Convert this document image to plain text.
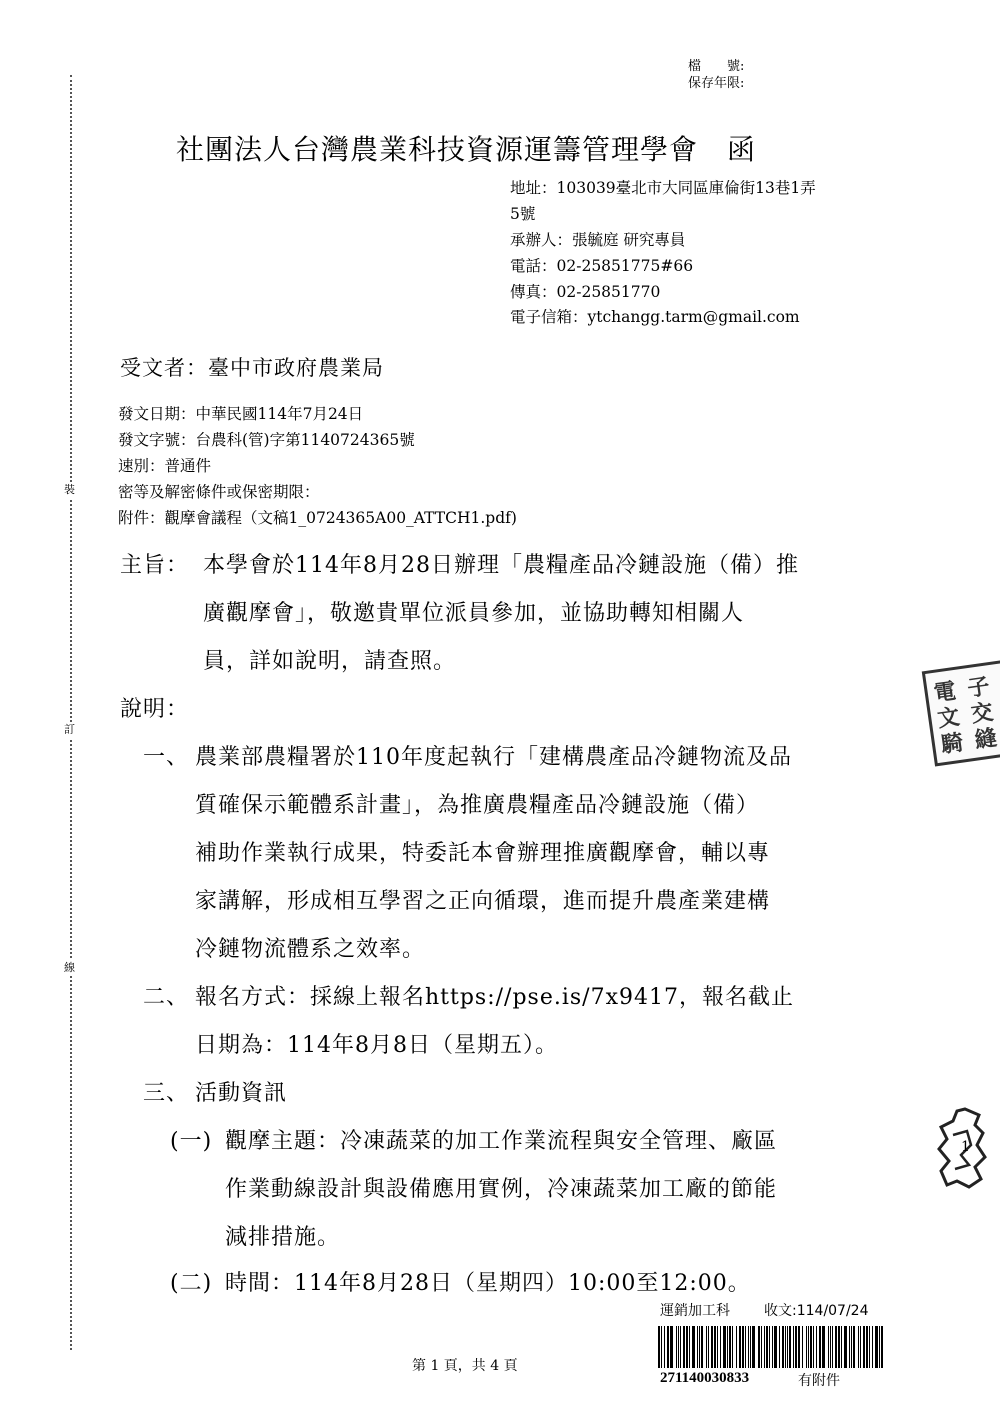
裝
訂
線
檔　　號:
保存年限:
社團法人台灣農業科技資源運籌管理學會　函
地址：103039臺北市大同區庫倫街13巷1弄
5號
承辦人：張毓庭 研究專員
電話：02-25851775#66
傳真：02-25851770
電子信箱：ytchangg.tarm@gmail.com
受文者：臺中市政府農業局
發文日期：中華民國114年7月24日
發文字號：台農科(管)字第1140724365號
速別：普通件
密等及解密條件或保密期限：
附件：觀摩會議程（文稿1_0724365A00_ATTCH1.pdf)
主旨： 本學會於114年8月28日辦理「農糧產品冷鏈設施（備）推
廣觀摩會」，敬邀貴單位派員參加，並協助轉知相關人
員，詳如說明，請查照。
說明：
一、 農業部農糧署於110年度起執行「建構農產品冷鏈物流及品
質確保示範體系計畫」，為推廣農糧產品冷鏈設施（備）
補助作業執行成果，特委託本會辦理推廣觀摩會，輔以專
家講解，形成相互學習之正向循環，進而提升農產業建構
冷鏈物流體系之效率。
二、 報名方式：採線上報名https://pse.is/7x9417，報名截止
日期為：114年8月8日（星期五）。
三、 活動資訊
(一) 觀摩主題：冷凍蔬菜的加工作業流程與安全管理、廠區
作業動線設計與設備應用實例，冷凍蔬菜加工廠的節能
減排措施。
(二) 時間：114年8月28日（星期四）10:00至12:00。
電 子
文 交
騎 縫
1
運銷加工科 收文:114/07/24
271140030833	有附件
第 1 頁，共 4 頁
